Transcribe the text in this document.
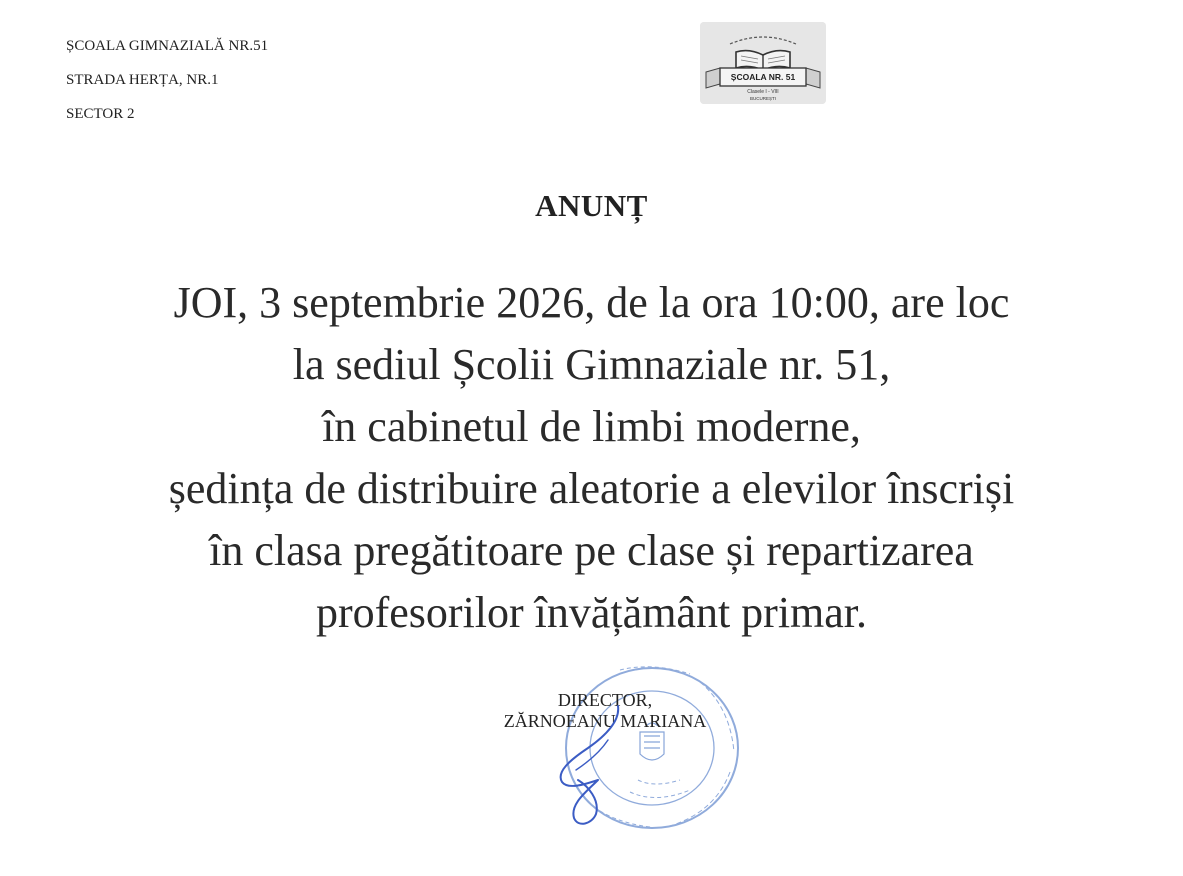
ȘCOALA GIMNAZIALĂ NR.51
STRADA HERȚA, NR.1
SECTOR 2
ȘCOALA NR. 51
Clasele I - VIII
BUCUREȘTI
ANUNȚ
JOI, 3 septembrie 2026, de la ora 10:00, are loc
la sediul Școlii Gimnaziale nr. 51,
în cabinetul de limbi moderne,
ședința de distribuire aleatorie a elevilor înscriși
în clasa pregătitoare pe clase și repartizarea
profesorilor învățământ primar.
DIRECTOR,
ZĂRNOEANU MARIANA
